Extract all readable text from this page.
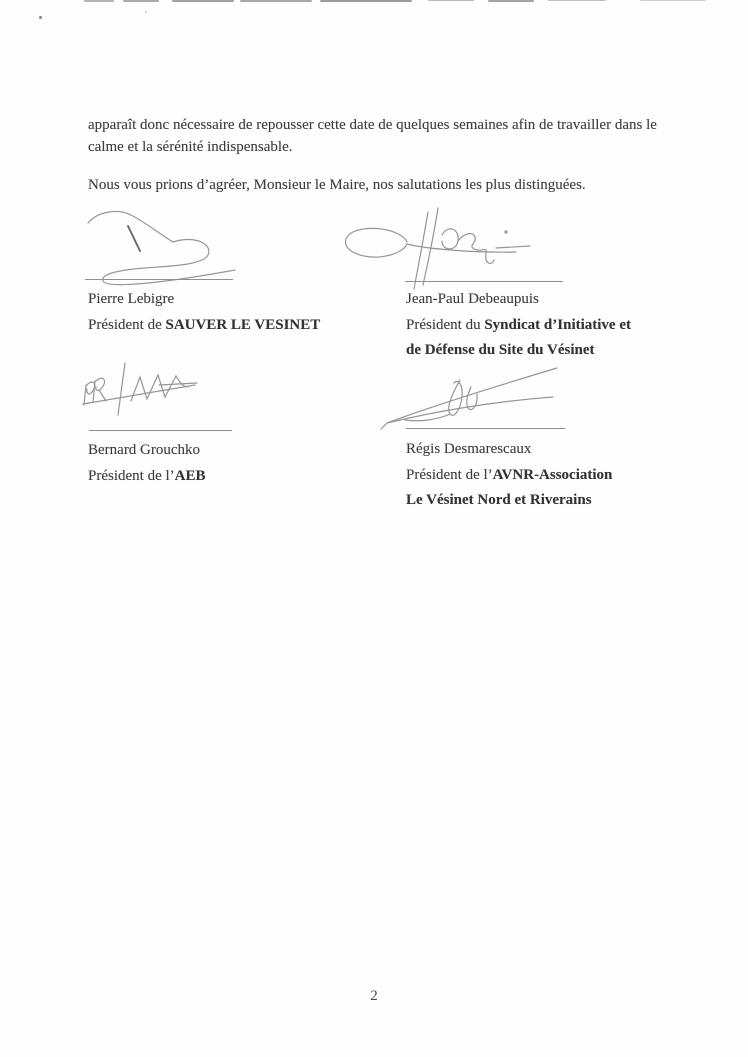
apparaît donc nécessaire de repousser cette date de quelques semaines afin de travailler dans le calme et la sérénité indispensable.

Nous vous prions d’agréer, Monsieur le Maire, nos salutations les plus distinguées.

Pierre Lebigre
Président de SAUVER LE VESINET
Jean-Paul Debeaupuis
Président du Syndicat d’Initiative et
de Défense du Site du Vésinet
Bernard Grouchko
Président de l’AEB
Régis Desmarescaux
Président de l’AVNR-Association
Le Vésinet Nord et Riverains
2
